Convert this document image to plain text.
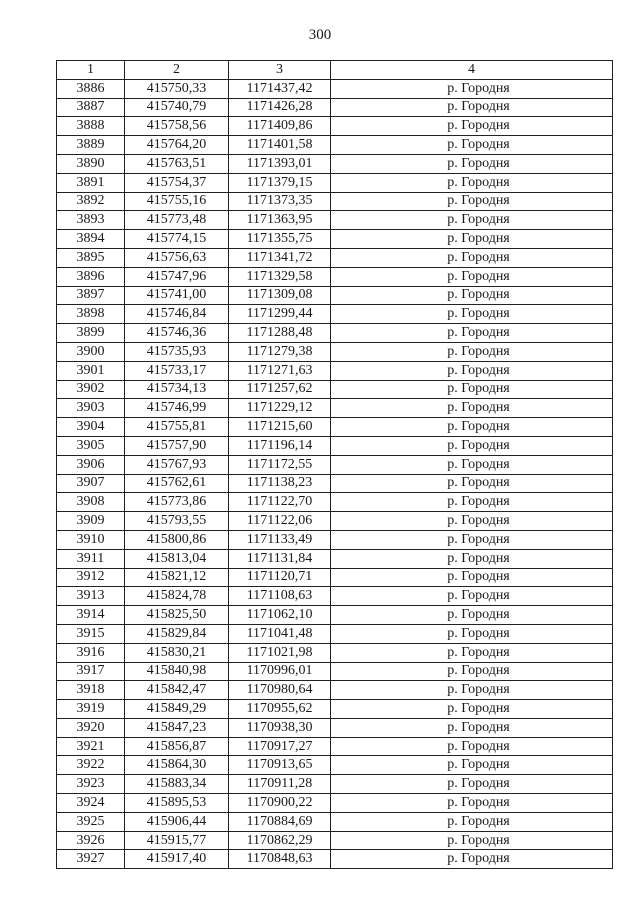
300
1	2	3	4
3886	415750,33	1171437,42	р. Городня
3887	415740,79	1171426,28	р. Городня
3888	415758,56	1171409,86	р. Городня
3889	415764,20	1171401,58	р. Городня
3890	415763,51	1171393,01	р. Городня
3891	415754,37	1171379,15	р. Городня
3892	415755,16	1171373,35	р. Городня
3893	415773,48	1171363,95	р. Городня
3894	415774,15	1171355,75	р. Городня
3895	415756,63	1171341,72	р. Городня
3896	415747,96	1171329,58	р. Городня
3897	415741,00	1171309,08	р. Городня
3898	415746,84	1171299,44	р. Городня
3899	415746,36	1171288,48	р. Городня
3900	415735,93	1171279,38	р. Городня
3901	415733,17	1171271,63	р. Городня
3902	415734,13	1171257,62	р. Городня
3903	415746,99	1171229,12	р. Городня
3904	415755,81	1171215,60	р. Городня
3905	415757,90	1171196,14	р. Городня
3906	415767,93	1171172,55	р. Городня
3907	415762,61	1171138,23	р. Городня
3908	415773,86	1171122,70	р. Городня
3909	415793,55	1171122,06	р. Городня
3910	415800,86	1171133,49	р. Городня
3911	415813,04	1171131,84	р. Городня
3912	415821,12	1171120,71	р. Городня
3913	415824,78	1171108,63	р. Городня
3914	415825,50	1171062,10	р. Городня
3915	415829,84	1171041,48	р. Городня
3916	415830,21	1171021,98	р. Городня
3917	415840,98	1170996,01	р. Городня
3918	415842,47	1170980,64	р. Городня
3919	415849,29	1170955,62	р. Городня
3920	415847,23	1170938,30	р. Городня
3921	415856,87	1170917,27	р. Городня
3922	415864,30	1170913,65	р. Городня
3923	415883,34	1170911,28	р. Городня
3924	415895,53	1170900,22	р. Городня
3925	415906,44	1170884,69	р. Городня
3926	415915,77	1170862,29	р. Городня
3927	415917,40	1170848,63	р. Городня
